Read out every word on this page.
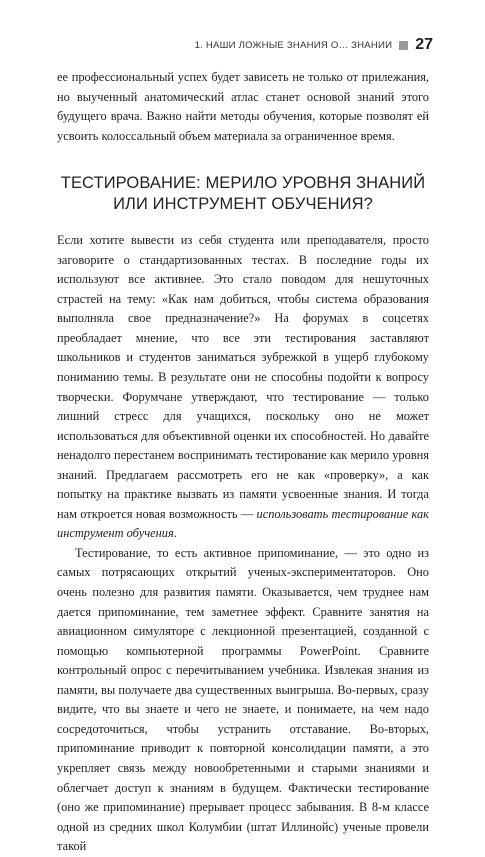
1. НАШИ ЛОЖНЫЕ ЗНАНИЯ О… ЗНАНИИ 27

ее профессиональный успех будет зависеть не только от прилежания, но выученный анатомический атлас станет основой знаний этого будущего врача. Важно найти методы обучения, которые позволят ей усвоить колоссальный объем материала за ограниченное время.

ТЕСТИРОВАНИЕ: МЕРИЛО УРОВНЯ ЗНАНИЙ
ИЛИ ИНСТРУМЕНТ ОБУЧЕНИЯ?

Если хотите вывести из себя студента или преподавателя, просто заговорите о стандартизованных тестах. В последние годы их используют все активнее. Это стало поводом для нешуточных страстей на тему: «Как нам добиться, чтобы система образования выполняла свое предназначение?» На форумах в соцсетях преобладает мнение, что все эти тестирования заставляют школьников и студентов заниматься зубрежкой в ущерб глубокому пониманию темы. В результате они не способны подойти к вопросу творчески. Форумчане утверждают, что тестирование — только лишний стресс для учащихся, поскольку оно не может использоваться для объективной оценки их способностей. Но давайте ненадолго перестанем воспринимать тестирование как мерило уровня знаний. Предлагаем рассмотреть его не как «проверку», а как попытку на практике вызвать из памяти усвоенные знания. И тогда нам откроется новая возможность — использовать тестирование как инструмент обучения.

Тестирование, то есть активное припоминание, — это одно из самых потрясающих открытий ученых-экспериментаторов. Оно очень полезно для развития памяти. Оказывается, чем труднее нам дается припоминание, тем заметнее эффект. Сравните занятия на авиационном симуляторе с лекционной презентацией, созданной с помощью компьютерной программы PowerPoint. Сравните контрольный опрос с перечитыванием учебника. Извлекая знания из памяти, вы получаете два существенных выигрыша. Во-первых, сразу видите, что вы знаете и чего не знаете, и понимаете, на чем надо сосредоточиться, чтобы устранить отставание. Во-вторых, припоминание приводит к повторной консолидации памяти, а это укрепляет связь между новообретенными и старыми знаниями и облегчает доступ к знаниям в будущем. Фактически тестирование (оно же припоминание) прерывает процесс забывания. В 8-м классе одной из средних школ Колумбии (штат Иллинойс) ученые провели такой
